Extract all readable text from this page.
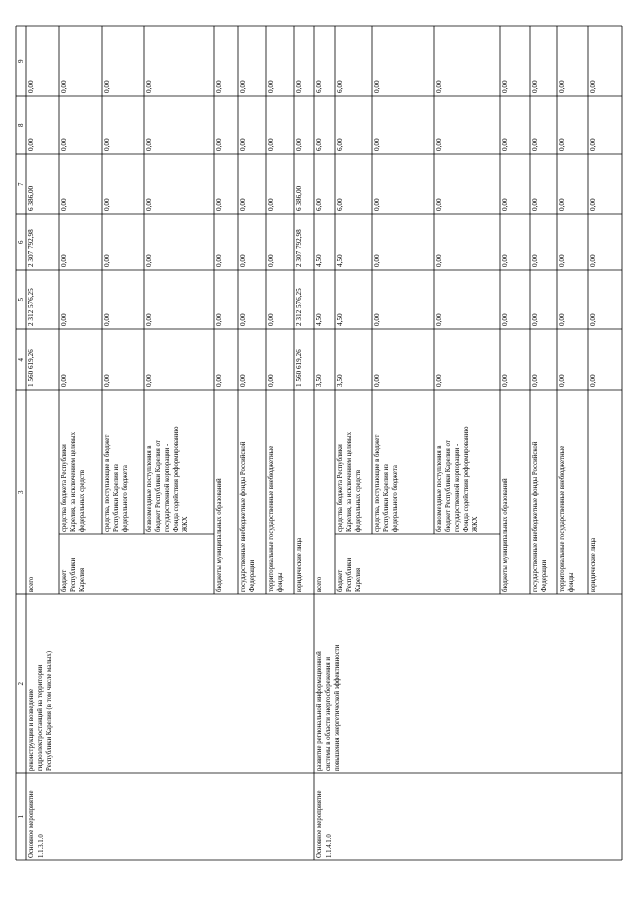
1
2
3
4
5
6
7
8
9
Основное мероприятие 1.1.3.1.0
реконструкция и возведение гидроэлектростанций на территории Республики Карелия (в том числе малых)
бюджет Республики Карелия
всего
1 560 619,26
2 312 576,25
2 307 792,98
6 386,00
0,00
0,00
средства бюджета Республики Карелия, за исключением целевых федеральных средств
0,00
0,00
0,00
0,00
0,00
0,00
средства, поступающие в бюджет Республики Карелия из федерального бюджета
0,00
0,00
0,00
0,00
0,00
0,00
безвозмездные поступления в бюджет Республики Карелия от государственной корпорации - Фонда содействия реформированию ЖКХ
0,00
0,00
0,00
0,00
0,00
0,00
бюджеты муниципальных образований
0,00
0,00
0,00
0,00
0,00
0,00
государственные внебюджетные фонды Российской Федерации
0,00
0,00
0,00
0,00
0,00
0,00
территориальные государственные внебюджетные фонды
0,00
0,00
0,00
0,00
0,00
0,00
юридические лица
1 560 619,26
2 312 576,25
2 307 792,98
6 386,00
0,00
0,00
Основное мероприятие 1.1.4.1.0
развитие региональной информационной системы в области энергосбережения и повышения энергетической эффективности
бюджет Республики Карелия
всего
3,50
4,50
4,50
6,00
6,00
6,00
средства бюджета Республики Карелия, за исключением целевых федеральных средств
3,50
4,50
4,50
6,00
6,00
6,00
средства, поступающие в бюджет Республики Карелия из федерального бюджета
0,00
0,00
0,00
0,00
0,00
0,00
безвозмездные поступления в бюджет Республики Карелия от государственной корпорации - Фонда содействия реформированию ЖКХ
0,00
0,00
0,00
0,00
0,00
0,00
бюджеты муниципальных образований
0,00
0,00
0,00
0,00
0,00
0,00
государственные внебюджетные фонды Российской Федерации
0,00
0,00
0,00
0,00
0,00
0,00
территориальные государственные внебюджетные фонды
0,00
0,00
0,00
0,00
0,00
0,00
юридические лица
0,00
0,00
0,00
0,00
0,00
0,00
